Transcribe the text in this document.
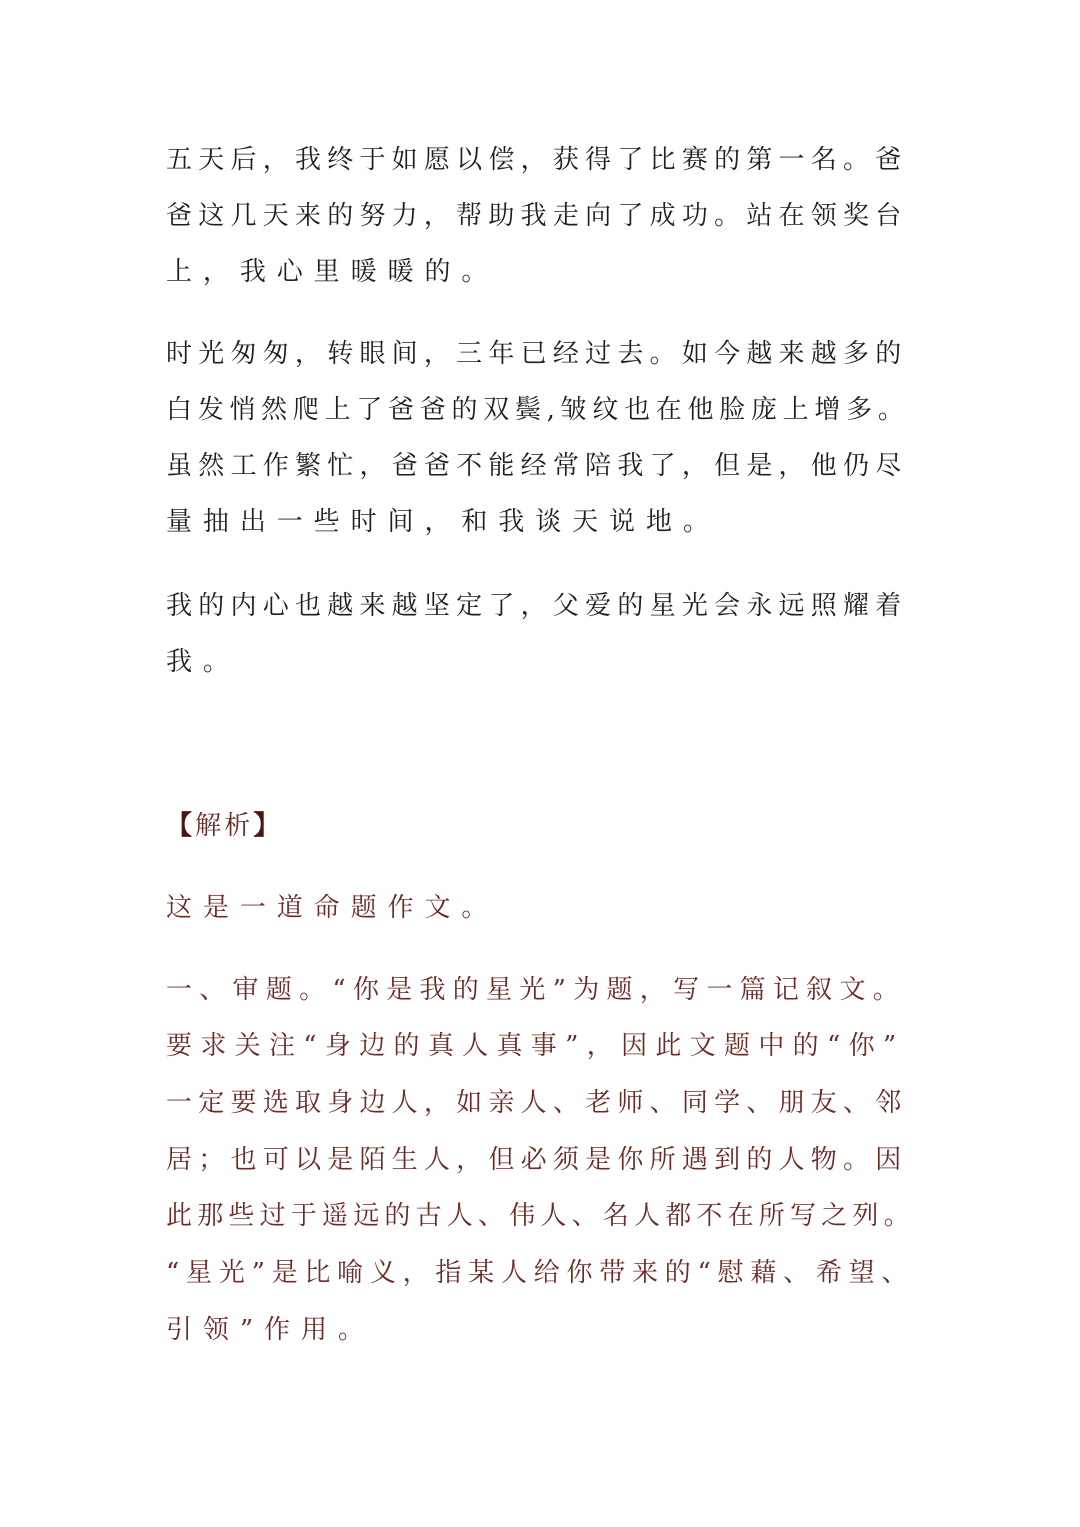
五天后，我终于如愿以偿，获得了比赛的第一名。爸
爸这几天来的努力，帮助我走向了成功。站在领奖台
上，我心里暖暖的。
时光匆匆，转眼间，三年已经过去。如今越来越多的
白发悄然爬上了爸爸的双鬓,皱纹也在他脸庞上增多。
虽然工作繁忙，爸爸不能经常陪我了，但是，他仍尽
量抽出一些时间，和我谈天说地。
我的内心也越来越坚定了，父爱的星光会永远照耀着
我。
【解析】
这是一道命题作文。
一、审题。“你是我的星光”为题，写一篇记叙文。
要求关注“身边的真人真事”，因此文题中的“你”
一定要选取身边人，如亲人、老师、同学、朋友、邻
居；也可以是陌生人，但必须是你所遇到的人物。因
此那些过于遥远的古人、伟人、名人都不在所写之列。
“星光”是比喻义，指某人给你带来的“慰藉、希望、
引领”作用。
